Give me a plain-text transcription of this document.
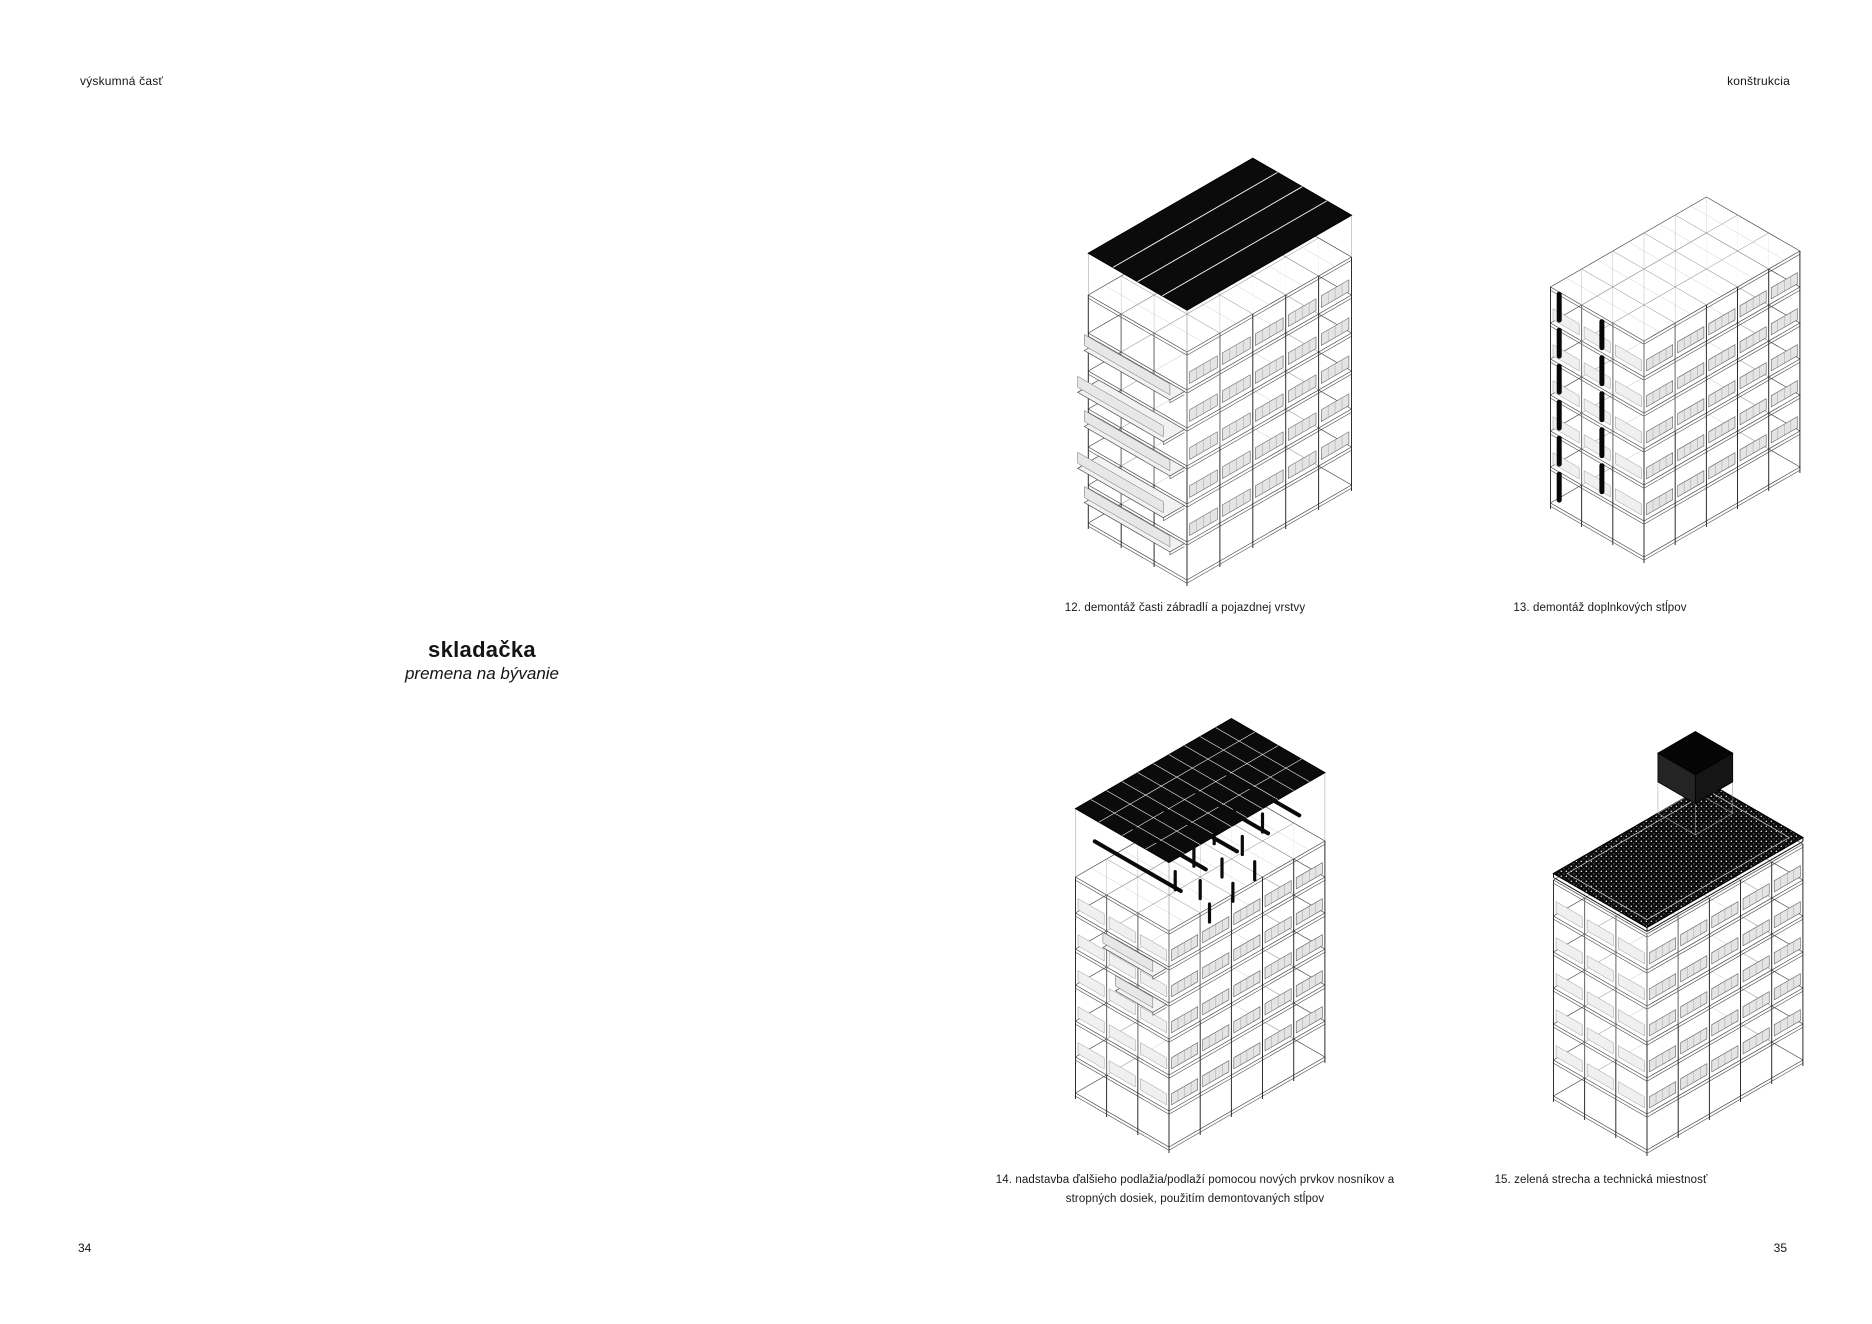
výskumná časť	konštrukcia
skladačka
premena na bývanie
12. demontáž časti zábradlí a pojazdnej vrstvy	13. demontáž doplnkových stĺpov
14. nadstavba ďalšieho podlažia/podlaží pomocou nových prvkov nosníkov a
stropných dosiek, použitím demontovaných stĺpov
15. zelená strecha a technická miestnosť
34	35
